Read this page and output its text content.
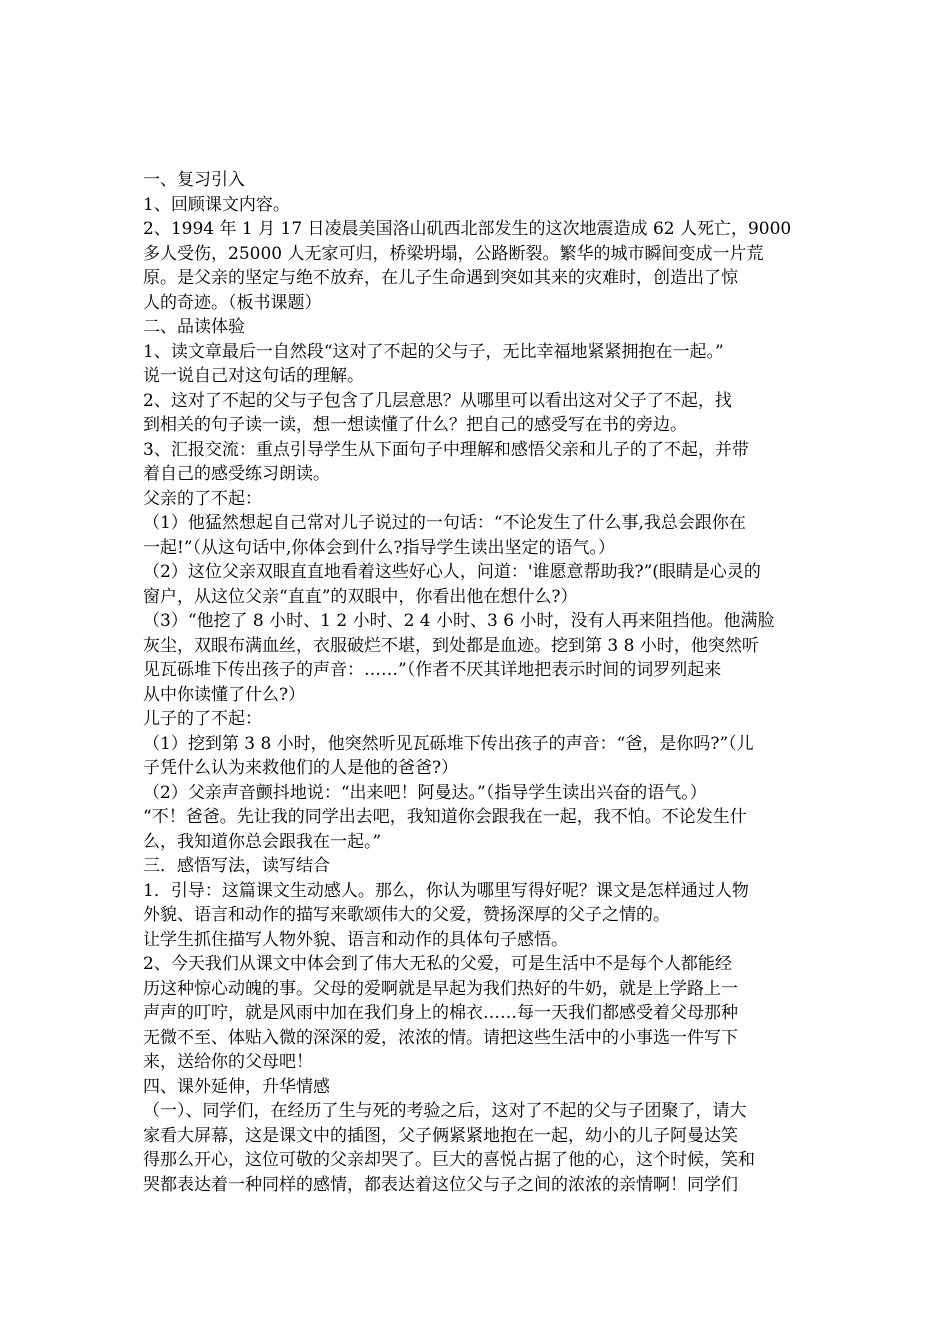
一、复习引入
1、回顾课文内容。
2、1994 年 1 月 17 日凌晨美国洛山矶西北部发生的这次地震造成 62 人死亡，9000
多人受伤，25000 人无家可归，桥梁坍塌，公路断裂。繁华的城市瞬间变成一片荒
原。是父亲的坚定与绝不放弃，在儿子生命遇到突如其来的灾难时，创造出了惊
人的奇迹。（板书课题）
二、品读体验
1、读文章最后一自然段“这对了不起的父与子，无比幸福地紧紧拥抱在一起。”
说一说自己对这句话的理解。
2、这对了不起的父与子包含了几层意思？从哪里可以看出这对父子了不起，找
到相关的句子读一读，想一想读懂了什么？把自己的感受写在书的旁边。
3、汇报交流：重点引导学生从下面句子中理解和感悟父亲和儿子的了不起，并带
着自己的感受练习朗读。
父亲的了不起：
（1）他猛然想起自己常对儿子说过的一句话：“不论发生了什么事,我总会跟你在
一起!”（从这句话中,你体会到什么?指导学生读出坚定的语气。）
（2）这位父亲双眼直直地看着这些好心人，问道：'谁愿意帮助我?”(眼睛是心灵的
窗户，从这位父亲“直直”的双眼中，你看出他在想什么?）
（3）“他挖了 8 小时、1 2 小时、2 4 小时、3 6 小时，没有人再来阻挡他。他满脸
灰尘，双眼布满血丝，衣服破烂不堪，到处都是血迹。挖到第 3 8 小时，他突然听
见瓦砾堆下传出孩子的声音：……”（作者不厌其详地把表示时间的词罗列起来
从中你读懂了什么?）
儿子的了不起：
（1）挖到第 3 8 小时，他突然听见瓦砾堆下传出孩子的声音：“爸，是你吗?”（儿
子凭什么认为来救他们的人是他的爸爸?）
（2）父亲声音颤抖地说：“出来吧！阿曼达。”（指导学生读出兴奋的语气。）
“不！爸爸。先让我的同学出去吧，我知道你会跟我在一起，我不怕。不论发生什
么，我知道你总会跟我在一起。”
三．感悟写法，读写结合
1．引导：这篇课文生动感人。那么，你认为哪里写得好呢？课文是怎样通过人物
外貌、语言和动作的描写来歌颂伟大的父爱，赞扬深厚的父子之情的。
让学生抓住描写人物外貌、语言和动作的具体句子感悟。
2、今天我们从课文中体会到了伟大无私的父爱，可是生活中不是每个人都能经
历这种惊心动魄的事。父母的爱啊就是早起为我们热好的牛奶，就是上学路上一
声声的叮咛，就是风雨中加在我们身上的棉衣……每一天我们都感受着父母那种
无微不至、体贴入微的深深的爱，浓浓的情。请把这些生活中的小事选一件写下
来，送给你的父母吧！
四、课外延伸，升华情感
（一）、同学们，在经历了生与死的考验之后，这对了不起的父与子团聚了，请大
家看大屏幕，这是课文中的插图，父子俩紧紧地抱在一起，幼小的儿子阿曼达笑
得那么开心，这位可敬的父亲却哭了。巨大的喜悦占据了他的心，这个时候，笑和
哭都表达着一种同样的感情，都表达着这位父与子之间的浓浓的亲情啊！同学们
